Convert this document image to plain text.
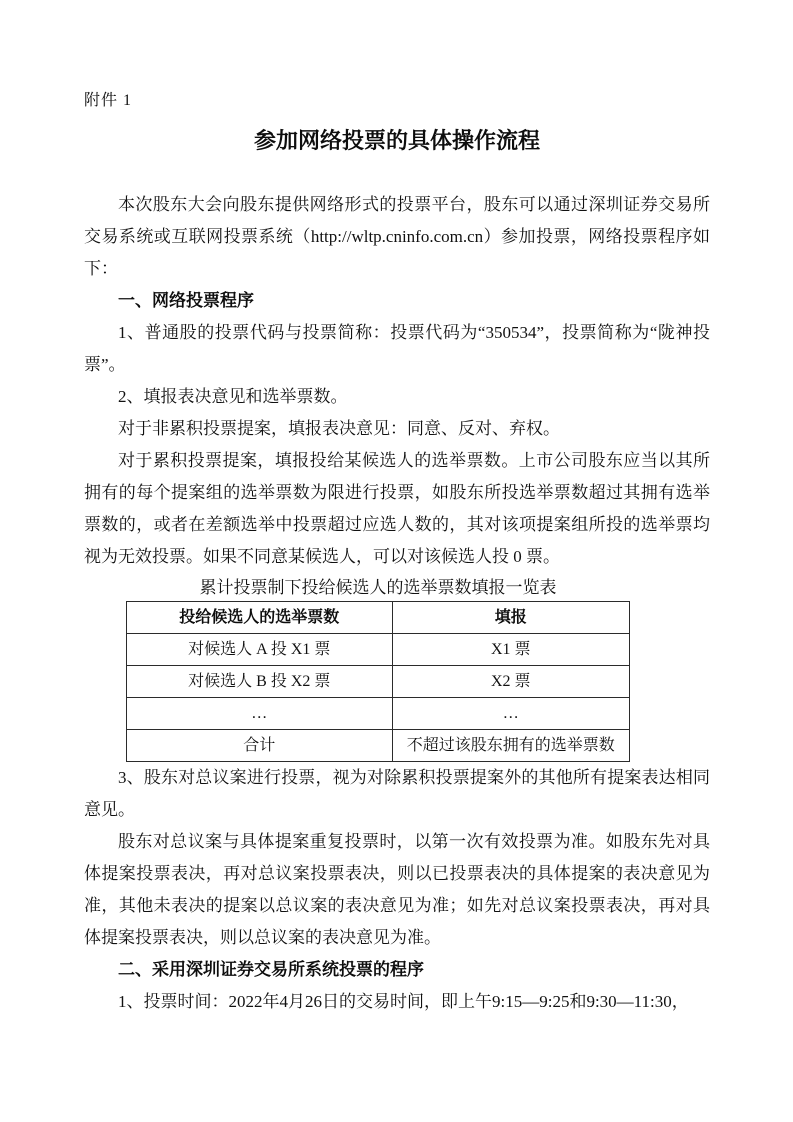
附件 1
参加网络投票的具体操作流程

本次股东大会向股东提供网络形式的投票平台，股东可以通过深圳证券交易所交易系统或互联网投票系统（http://wltp.cninfo.com.cn）参加投票，网络投票程序如下：

一、网络投票程序

1、普通股的投票代码与投票简称：投票代码为“350534”，投票简称为“陇神投票”。

2、填报表决意见和选举票数。

对于非累积投票提案，填报表决意见：同意、反对、弃权。

对于累积投票提案，填报投给某候选人的选举票数。上市公司股东应当以其所拥有的每个提案组的选举票数为限进行投票，如股东所投选举票数超过其拥有选举票数的，或者在差额选举中投票超过应选人数的，其对该项提案组所投的选举票均视为无效投票。如果不同意某候选人，可以对该候选人投 0 票。

累计投票制下投给候选人的选举票数填报一览表
投给候选人的选举票数	填报
对候选人 A 投 X1 票	X1 票
对候选人 B 投 X2 票	X2 票
…	…
合计	不超过该股东拥有的选举票数

3、股东对总议案进行投票，视为对除累积投票提案外的其他所有提案表达相同意见。

股东对总议案与具体提案重复投票时，以第一次有效投票为准。如股东先对具体提案投票表决，再对总议案投票表决，则以已投票表决的具体提案的表决意见为准，其他未表决的提案以总议案的表决意见为准；如先对总议案投票表决，再对具体提案投票表决，则以总议案的表决意见为准。

二、采用深圳证券交易所系统投票的程序

1、投票时间：2022年4月26日的交易时间，即上午9:15—9:25和9:30—11:30，
